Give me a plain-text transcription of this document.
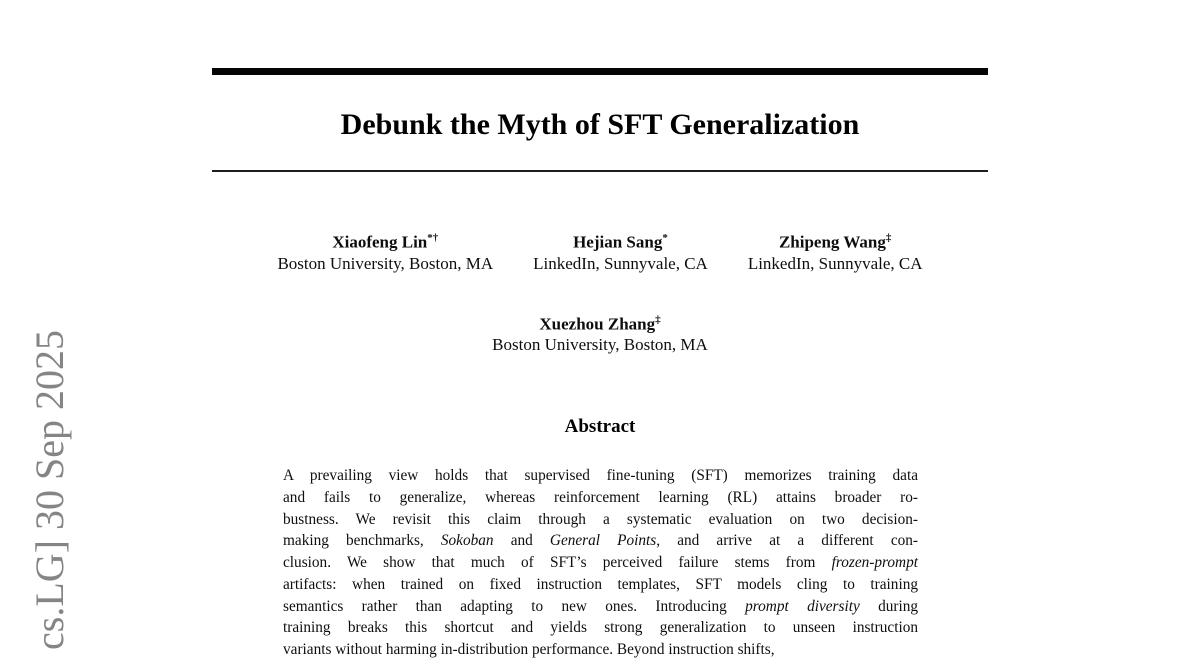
cs.LG] 30 Sep 2025
Debunk the Myth of SFT Generalization
Xiaofeng Lin*†
Boston University, Boston, MA
Hejian Sang*
LinkedIn, Sunnyvale, CA
Zhipeng Wang‡
LinkedIn, Sunnyvale, CA
Xuezhou Zhang‡
Boston University, Boston, MA
Abstract
A prevailing view holds that supervised fine-tuning (SFT) memorizes training data
and fails to generalize, whereas reinforcement learning (RL) attains broader ro-
bustness. We revisit this claim through a systematic evaluation on two decision-
making benchmarks, Sokoban and General Points, and arrive at a different con-
clusion. We show that much of SFT’s perceived failure stems from frozen-prompt
artifacts: when trained on fixed instruction templates, SFT models cling to training
semantics rather than adapting to new ones. Introducing prompt diversity during
training breaks this shortcut and yields strong generalization to unseen instruction
variants without harming in-distribution performance. Beyond instruction shifts,
